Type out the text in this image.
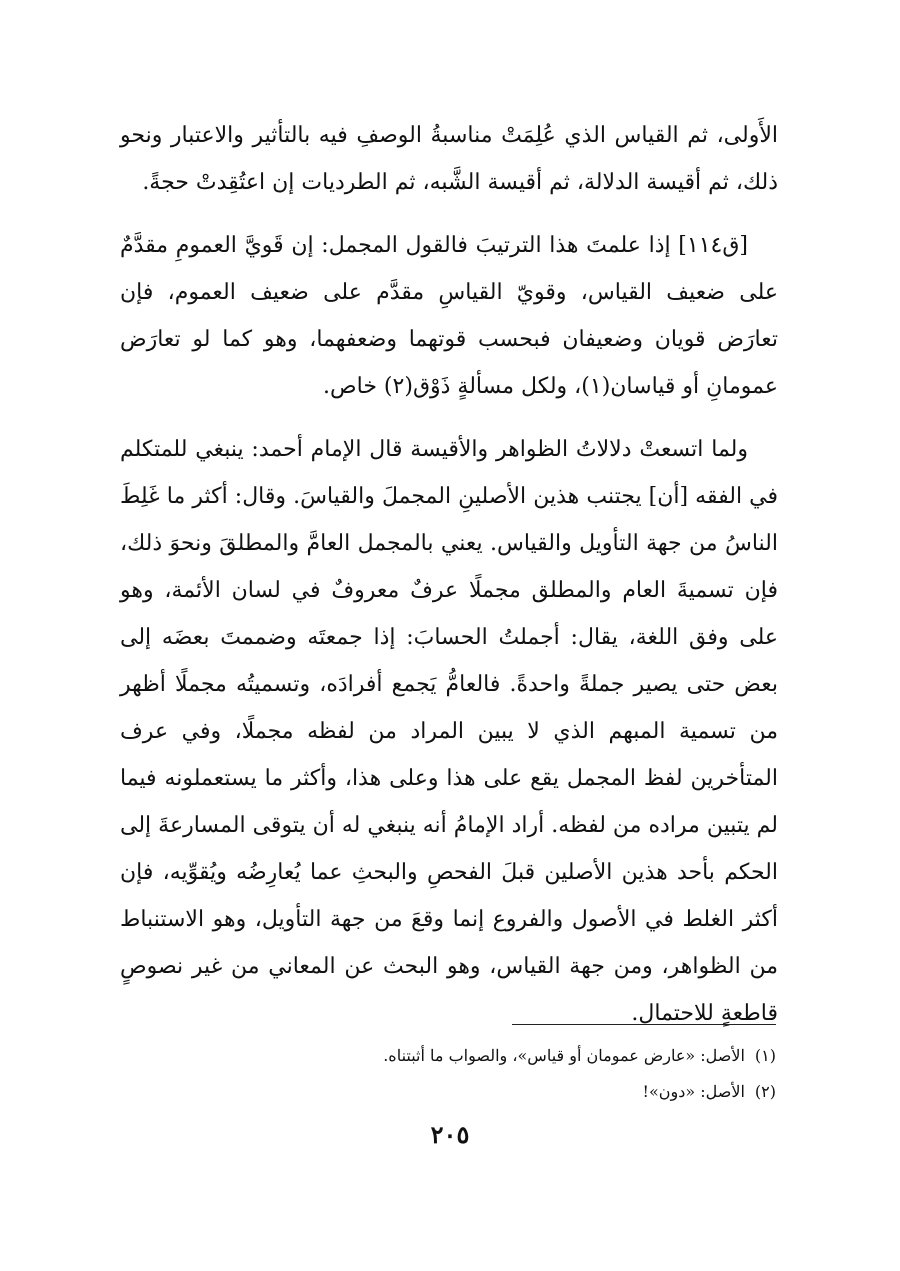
الأَولى، ثم القياس الذي عُلِمَتْ مناسبةُ الوصفِ فيه بالتأثير والاعتبار ونحو ذلك، ثم أقيسة الدلالة، ثم أقيسة الشَّبه، ثم الطرديات إن اعتُقِدتْ حجةً.

[ق١١٤] إذا علمتَ هذا الترتيبَ فالقول المجمل: إن قَويَّ العمومِ مقدَّمٌ على ضعيف القياس، وقويّ القياسِ مقدَّم على ضعيف العموم، فإن تعارَض قويان وضعيفان فبحسب قوتهما وضعفهما، وهو كما لو تعارَض عمومانِ أو قياسان(١)، ولكل مسألةٍ ذَوْق(٢) خاص.

ولما اتسعتْ دلالاتُ الظواهر والأقيسة قال الإمام أحمد: ينبغي للمتكلم في الفقه [أن] يجتنب هذين الأصلينِ المجملَ والقياسَ. وقال: أكثر ما غَلِطَ الناسُ من جهة التأويل والقياس. يعني بالمجمل العامَّ والمطلقَ ونحوَ ذلك، فإن تسميةَ العام والمطلق مجملًا عرفٌ معروفٌ في لسان الأئمة، وهو على وفق اللغة، يقال: أجملتُ الحسابَ: إذا جمعتَه وضممتَ بعضَه إلى بعض حتى يصير جملةً واحدةً. فالعامُّ يَجمع أفرادَه، وتسميتُه مجملًا أظهر من تسمية المبهم الذي لا يبين المراد من لفظه مجملًا، وفي عرف المتأخرين لفظ المجمل يقع على هذا وعلى هذا، وأكثر ما يستعملونه فيما لم يتبين مراده من لفظه. أراد الإمامُ أنه ينبغي له أن يتوقى المسارعةَ إلى الحكم بأحد هذين الأصلين قبلَ الفحصِ والبحثِ عما يُعارِضُه ويُقوِّيه، فإن أكثر الغلط في الأصول والفروع إنما وقعَ من جهة التأويل، وهو الاستنباط من الظواهر، ومن جهة القياس، وهو البحث عن المعاني من غير نصوصٍ قاطعةٍ للاحتمال.

(١)الأصل: «عارض عمومان أو قياس»، والصواب ما أثبتناه.
(٢)الأصل: «دون»!
٢٠٥
